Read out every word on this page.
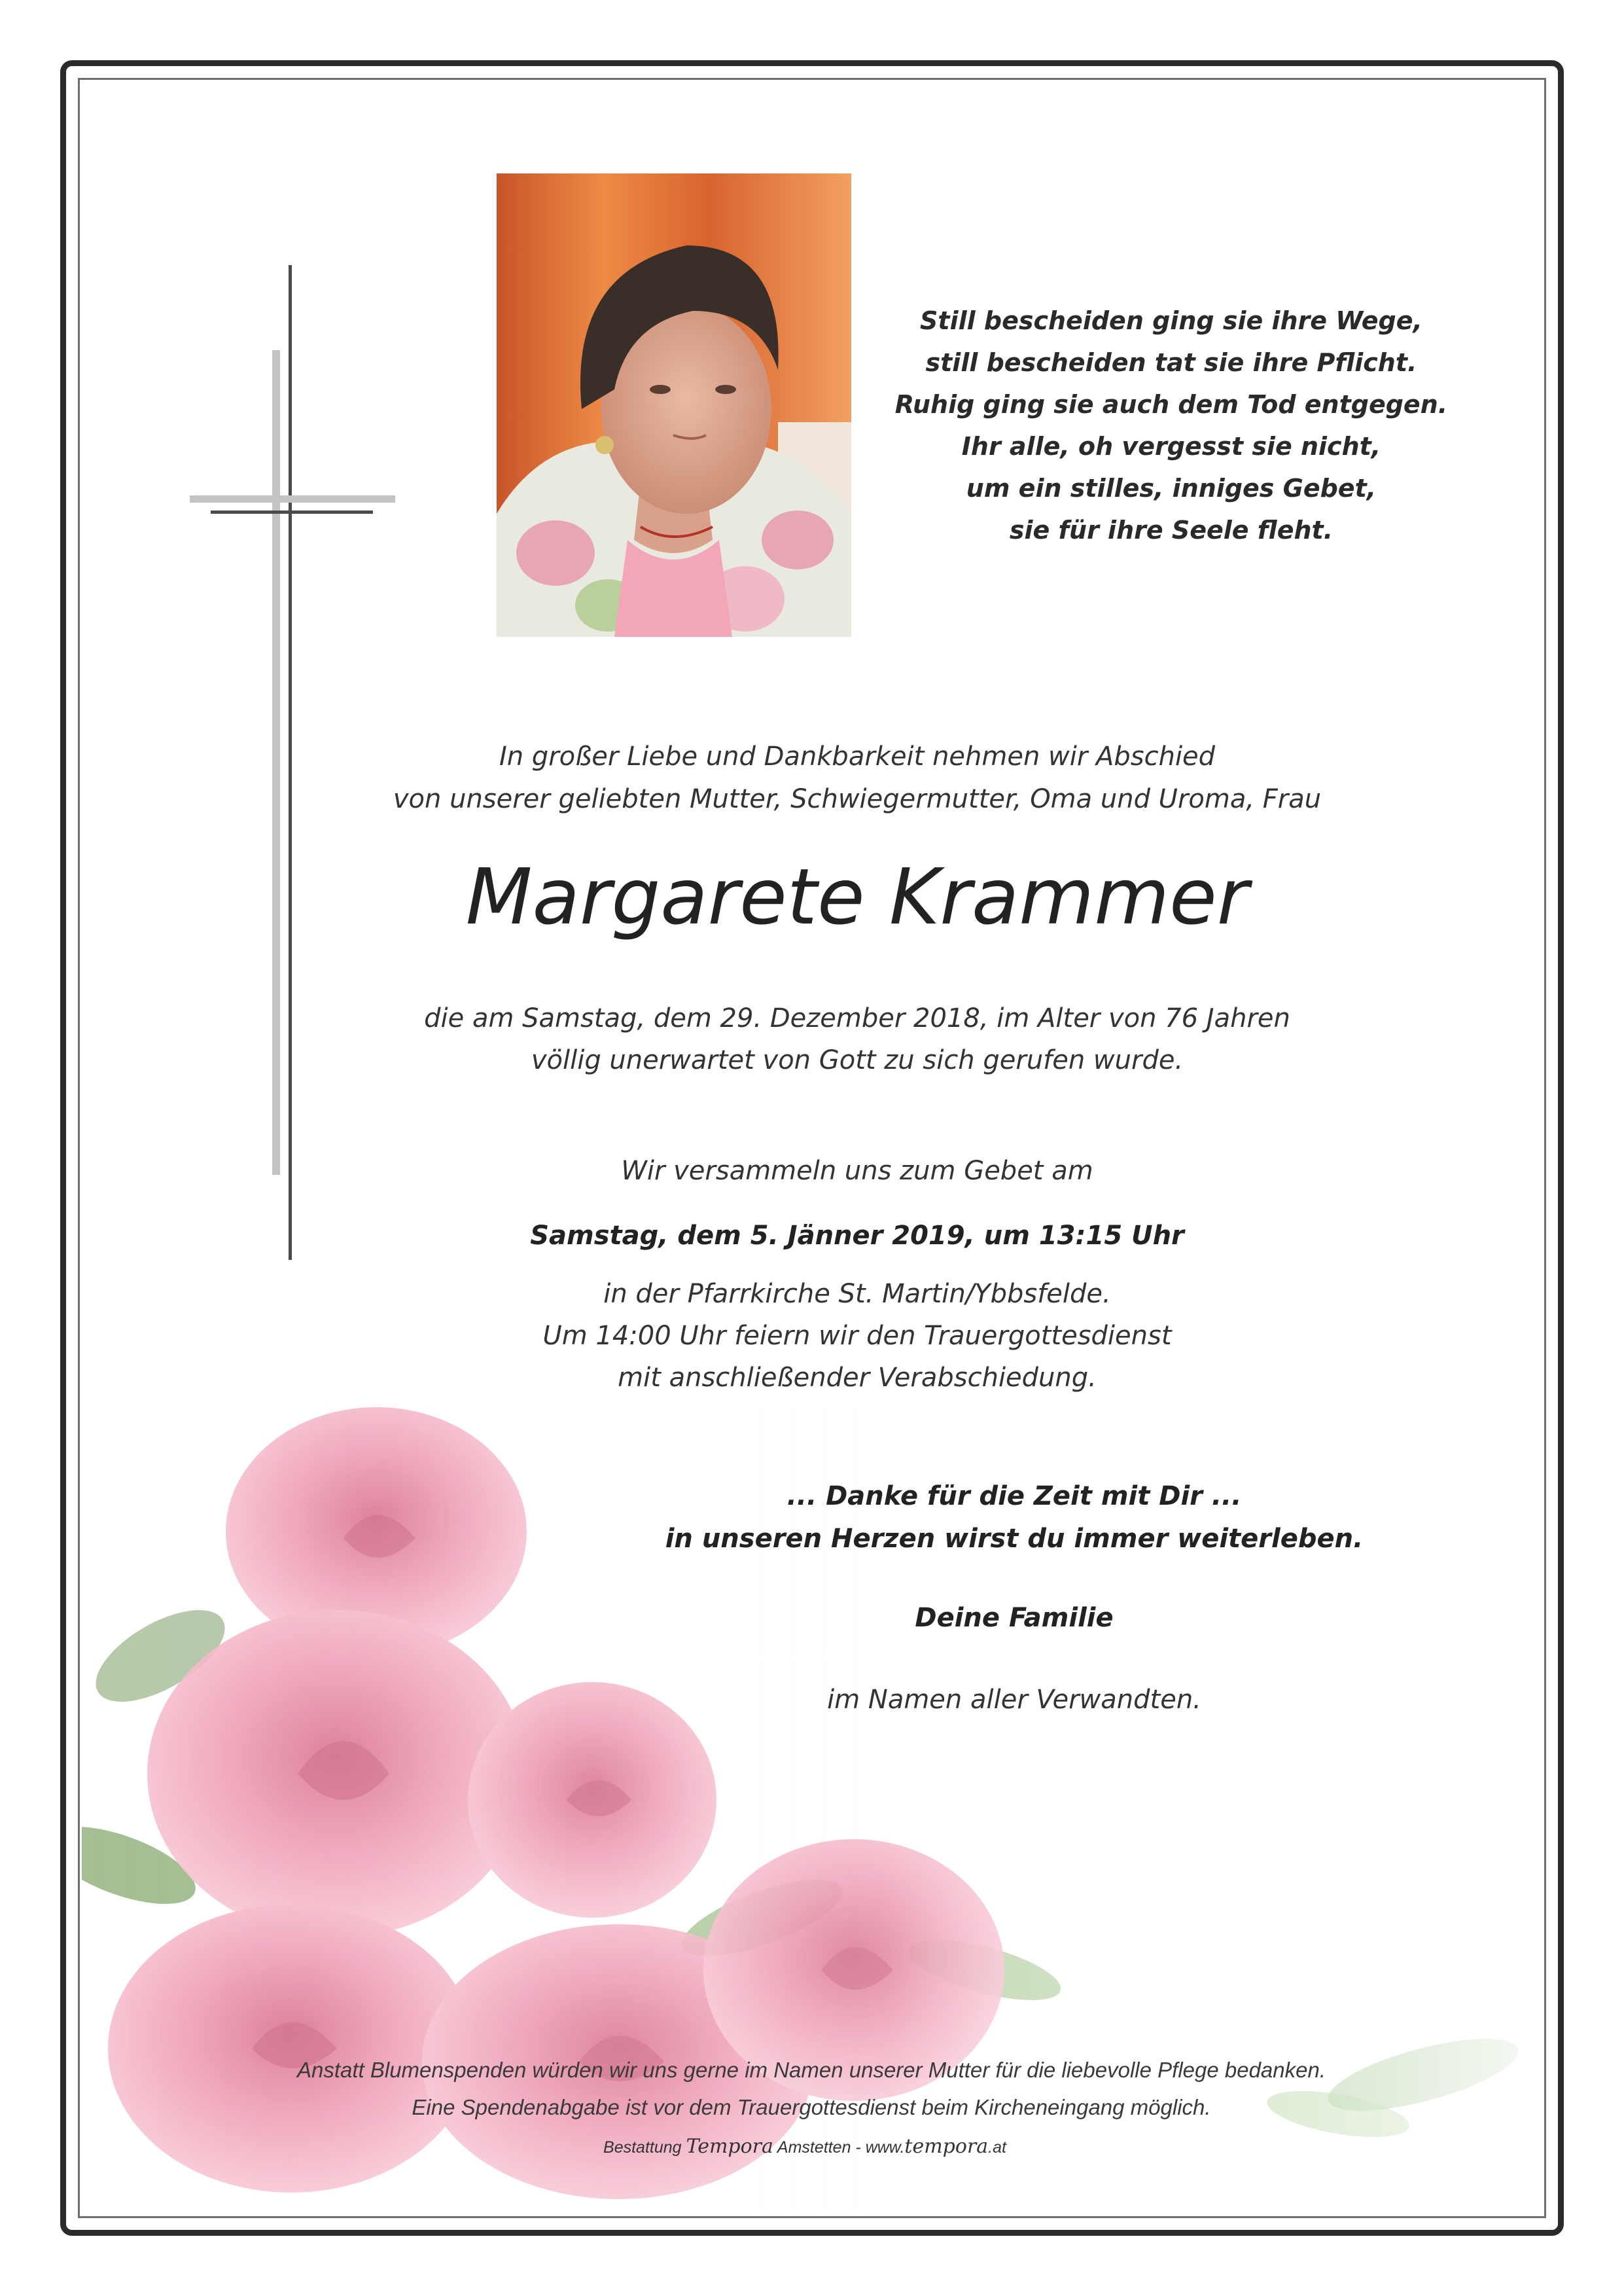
Still bescheiden ging sie ihre Wege,
still bescheiden tat sie ihre Pflicht.
Ruhig ging sie auch dem Tod entgegen.
Ihr alle, oh vergesst sie nicht,
um ein stilles, inniges Gebet,
sie für ihre Seele fleht.
In großer Liebe und Dankbarkeit nehmen wir Abschied
von unserer geliebten Mutter, Schwiegermutter, Oma und Uroma, Frau
Margarete Krammer
die am Samstag, dem 29. Dezember 2018, im Alter von 76 Jahren
völlig unerwartet von Gott zu sich gerufen wurde.
Wir versammeln uns zum Gebet am
Samstag, dem 5. Jänner 2019, um 13:15 Uhr
in der Pfarrkirche St. Martin/Ybbsfelde.
Um 14:00 Uhr feiern wir den Trauergottesdienst
mit anschließender Verabschiedung.
... Danke für die Zeit mit Dir ...
in unseren Herzen wirst du immer weiterleben.
Deine Familie
im Namen aller Verwandten.
Anstatt Blumenspenden würden wir uns gerne im Namen unserer Mutter für die liebevolle Pflege bedanken.
Eine Spendenabgabe ist vor dem Trauergottesdienst beim Kircheneingang möglich.
Bestattung Tempora Amstetten - www.tempora.at
